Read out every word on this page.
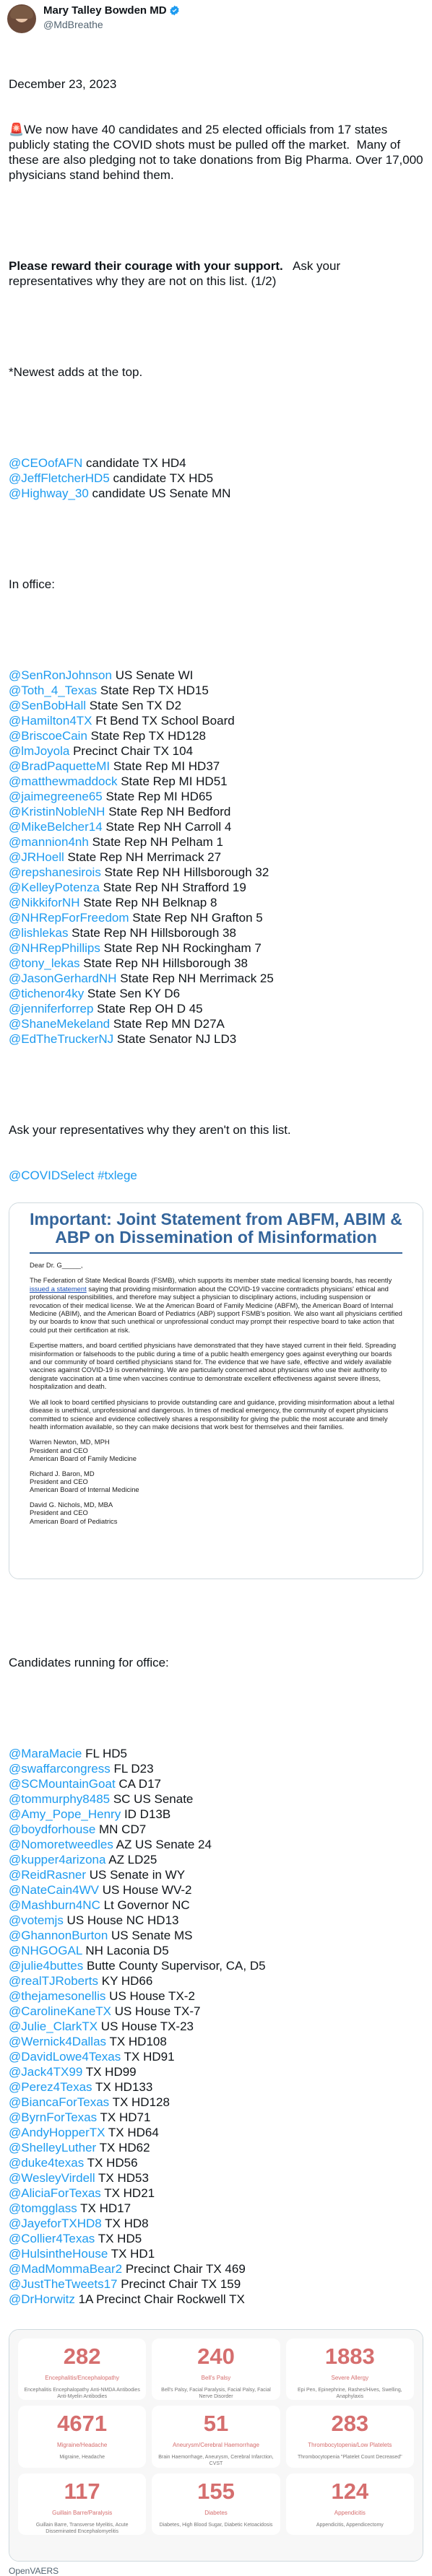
Mary Talley Bowden MD
@MdBreathe

December 23, 2023

🚨We now have 40 candidates and 25 elected officials from 17 states publicly stating the COVID shots must be pulled off the market.  Many of these are also pledging not to take donations from Big Pharma. Over 17,000 physicians stand behind them.

Please reward their courage with your support.   Ask your representatives why they are not on this list. (1/2)

*Newest adds at the top.

@CEOofAFN candidate TX HD4
@JeffFletcherHD5 candidate TX HD5
@Highway_30 candidate US Senate MN

In office:

@SenRonJohnson US Senate WI
@Toth_4_Texas State Rep TX HD15
@SenBobHall State Sen TX D2
@Hamilton4TX Ft Bend TX School Board
@BriscoeCain State Rep TX HD128
@lmJoyola Precinct Chair TX 104
@BradPaquetteMI State Rep MI HD37
@matthewmaddock State Rep MI HD51
@jaimegreene65 State Rep MI HD65
@KristinNobleNH State Rep NH Bedford
@MikeBelcher14 State Rep NH Carroll 4
@mannion4nh State Rep NH Pelham 1
@JRHoell State Rep NH Merrimack 27
@repshanesirois State Rep NH Hillsborough 32
@KelleyPotenza State Rep NH Strafford 19
@NikkiforNH State Rep NH Belknap 8
@NHRepForFreedom State Rep NH Grafton 5
@lishlekas State Rep NH Hillsborough 38
@NHRepPhillips State Rep NH Rockingham 7
@tony_lekas State Rep NH Hillsborough 38
@JasonGerhardNH State Rep NH Merrimack 25
@tichenor4ky State Sen KY D6
@jenniferforrep State Rep OH D 45
@ShaneMekeland State Rep MN D27A
@EdTheTruckerNJ State Senator NJ LD3

Ask your representatives why they aren't on this list.

@COVIDSelect #txlege

Important: Joint Statement from ABFM, ABIM & ABP on Dissemination of Misinformation

Dear Dr. G_____,

The Federation of State Medical Boards (FSMB), which supports its member state medical licensing boards, has recently issued a statement saying that providing misinformation about the COVID-19 vaccine contradicts physicians' ethical and professional responsibilities, and therefore may subject a physician to disciplinary actions, including suspension or revocation of their medical license. We at the American Board of Family Medicine (ABFM), the American Board of Internal Medicine (ABIM), and the American Board of Pediatrics (ABP) support FSMB's position. We also want all physicians certified by our boards to know that such unethical or unprofessional conduct may prompt their respective board to take action that could put their certification at risk.

Expertise matters, and board certified physicians have demonstrated that they have stayed current in their field. Spreading misinformation or falsehoods to the public during a time of a public health emergency goes against everything our boards and our community of board certified physicians stand for. The evidence that we have safe, effective and widely available vaccines against COVID-19 is overwhelming. We are particularly concerned about physicians who use their authority to denigrate vaccination at a time when vaccines continue to demonstrate excellent effectiveness against severe illness, hospitalization and death.

We all look to board certified physicians to provide outstanding care and guidance, providing misinformation about a lethal disease is unethical, unprofessional and dangerous. In times of medical emergency, the community of expert physicians committed to science and evidence collectively shares a responsibility for giving the public the most accurate and timely health information available, so they can make decisions that work best for themselves and their families.

Warren Newton, MD, MPH
President and CEO
American Board of Family Medicine
Richard J. Baron, MD
President and CEO
American Board of Internal Medicine
David G. Nichols, MD, MBA
President and CEO
American Board of Pediatrics

Candidates running for office:

@MaraMacie FL HD5
@swaffarcongress FL D23
@SCMountainGoat CA D17
@tommurphy8485 SC US Senate
@Amy_Pope_Henry ID D13B
@boydforhouse MN CD7
@Nomoretweedles AZ US Senate 24
@kupper4arizona AZ LD25
@ReidRasner US Senate in WY
@NateCain4WV US House WV-2
@Mashburn4NC Lt Governor NC
@votemjs US House NC HD13
@GhannonBurton US Senate MS
@NHGOGAL NH Laconia D5
@julie4buttes Butte County Supervisor, CA, D5
@realTJRoberts KY HD66
@thejamesonellis US House TX-2
@CarolineKaneTX US House TX-7
@Julie_ClarkTX US House TX-23
@Wernick4Dallas TX HD108
@DavidLowe4Texas TX HD91
@Jack4TX99 TX HD99
@Perez4Texas TX HD133
@BiancaForTexas TX HD128
@ByrnForTexas TX HD71
@AndyHopperTX TX HD64
@ShelleyLuther TX HD62
@duke4texas TX HD56
@WesleyVirdell TX HD53
@AliciaForTexas TX HD21
@tomgglass TX HD17
@JayeforTXHD8 TX HD8
@Collier4Texas TX HD5
@HulsintheHouse TX HD1
@MadMommaBear2 Precinct Chair TX 469
@JustTheTweets17 Precinct Chair TX 159
@DrHorwitz 1A Precinct Chair Rockwell TX

282
Encephalitis/Encephalopathy
Encephalitis Encephalopathy Anti-NMDA Antibodies Anti-Myelin Antibodies
240
Bell's Palsy
Bell's Palsy, Facial Paralysis, Facial Palsy, Facial Nerve Disorder
1883
Severe Allergy
Epi Pen, Epinephrine, Rashes/Hives, Swelling, Anaphylaxis
4671
Migraine/Headache
Migraine, Headache
51
Aneurysm/Cerebral Haemorrhage
Brain Haemorrhage, Aneurysm, Cerebral Infarction, CVST
283
Thrombocytopenia/Low Platelets
Thrombocytopenia "Platelet Count Decreased"
117
Guillain Barre/Paralysis
Guillain Barre, Transverse Myelitis, Acute Disseminated Encephalomyelitis
155
Diabetes
Diabetes, High Blood Sugar, Diabetic Ketoacidosis
124
Appendicitis
Appendicitis, Appendicectomy
OpenVAERS
